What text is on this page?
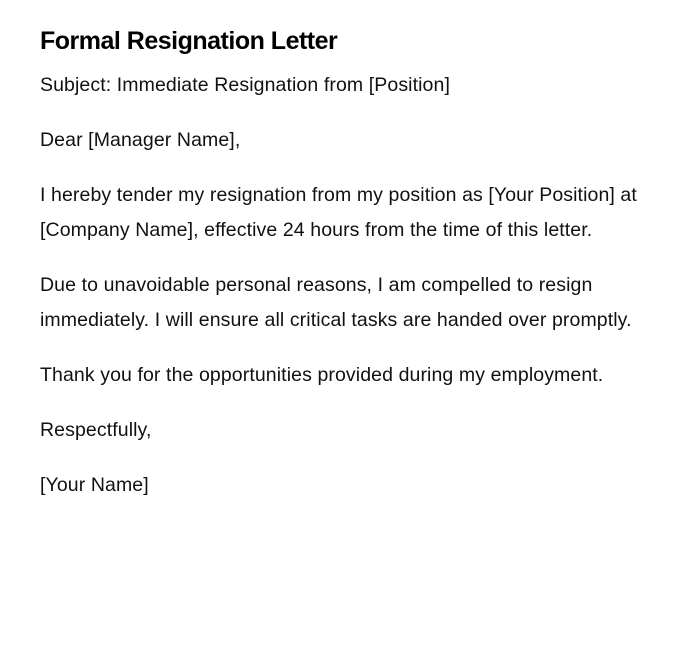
Formal Resignation Letter

Subject: Immediate Resignation from [Position]

Dear [Manager Name],

I hereby tender my resignation from my position as [Your Position] at [Company Name], effective 24 hours from the time of this letter.

Due to unavoidable personal reasons, I am compelled to resign immediately. I will ensure all critical tasks are handed over promptly.

Thank you for the opportunities provided during my employment.

Respectfully,

[Your Name]
